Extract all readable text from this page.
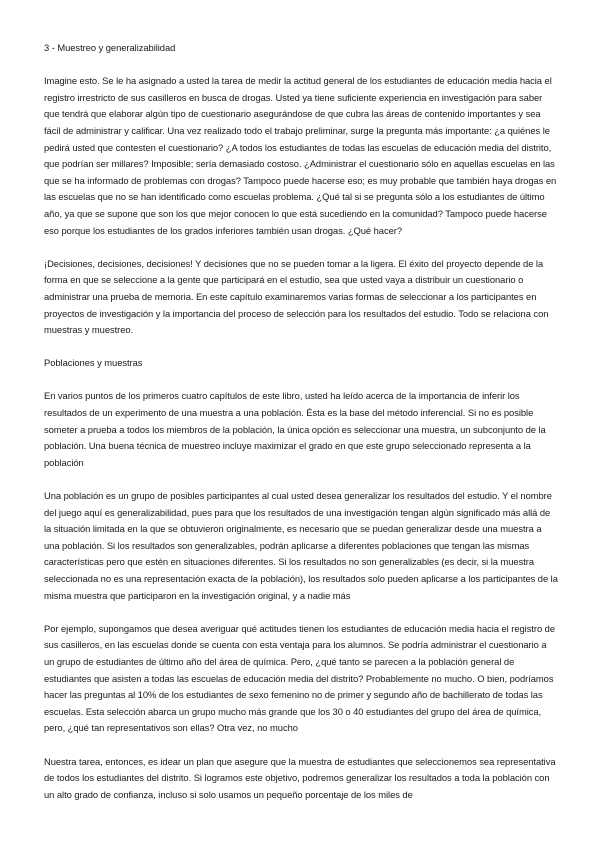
3 - Muestreo y generalizabilidad

Imagine esto. Se le ha asignado a usted la tarea de medir la actitud general de los estudiantes de educación media hacia el registro irrestricto de sus casilleros en busca de drogas. Usted ya tiene suficiente experiencia en investigación para saber que tendrá que elaborar algún tipo de cuestionario asegurándose de que cubra las áreas de contenido importantes y sea fácil de administrar y calificar. Una vez realizado todo el trabajo preliminar, surge la pregunta más importante: ¿a quiénes le pedirá usted que contesten el cuestionario? ¿A todos los estudiantes de todas las escuelas de educación media del distrito, que podrían ser millares? Imposible; sería demasiado costoso. ¿Administrar el cuestionario sólo en aquellas escuelas en las que se ha informado de problemas con drogas? Tampoco puede hacerse eso; es muy probable que también haya drogas en las escuelas que no se han identificado como escuelas problema. ¿Qué tal si se pregunta sólo a los estudiantes de último año, ya que se supone que son los que mejor conocen lo que está sucediendo en la comunidad? Tampoco puede hacerse eso porque los estudiantes de los grados inferiores también usan drogas. ¿Qué hacer?

¡Decisiones, decisiones, decisiones! Y decisiones que no se pueden tomar a la ligera. El éxito del proyecto depende de la forma en que se seleccione a la gente que participará en el estudio, sea que usted vaya a distribuir un cuestionario o administrar una prueba de memoria. En este capítulo examinaremos varias formas de seleccionar a los participantes en proyectos de investigación y la importancia del proceso de selección para los resultados del estudio. Todo se relaciona con muestras y muestreo.

Poblaciones y muestras

En varios puntos de los primeros cuatro capítulos de este libro, usted ha leído acerca de la importancia de inferir los resultados de un experimento de una muestra a una población. Ésta es la base del método inferencial. Si no es posible someter a prueba a todos los miembros de la población, la única opción es seleccionar una muestra, un subconjunto de la población. Una buena técnica de muestreo incluye maximizar el grado en que este grupo seleccionado representa a la población

Una población es un grupo de posibles participantes al cual usted desea generalizar los resultados del estudio. Y el nombre del juego aquí es generalizabilidad, pues para que los resultados de una investigación tengan algún significado más allá de la situación limitada en la que se obtuvieron originalmente, es necesario que se puedan generalizar desde una muestra a una población. Si los resultados son generalizables, podrán aplicarse a diferentes poblaciones que tengan las mismas características pero que estén en situaciones diferentes. Si los resultados no son generalizables (es decir, si la muestra seleccionada no es una representación exacta de la población), los resultados solo pueden aplicarse a los participantes de la misma muestra que participaron en la investigación original, y a nadie más

Por ejemplo, supongamos que desea averiguar qué actitudes tienen los estudiantes de educación media hacia el registro de sus casilleros, en las escuelas donde se cuenta con esta ventaja para los alumnos. Se podría administrar el cuestionario a un grupo de estudiantes de último año del área de química. Pero, ¿qué tanto se parecen a la población general de estudiantes que asisten a todas las escuelas de educación media del distrito? Probablemente no mucho. O bien, podríamos hacer las preguntas al 10% de los estudiantes de sexo femenino no de primer y segundo año de bachillerato de todas las escuelas. Esta selección abarca un grupo mucho más grande que los 30 o 40 estudiantes del grupo del área de química, pero, ¿qué tan representativos son ellas? Otra vez, no mucho

Nuestra tarea, entonces, es idear un plan que asegure que la muestra de estudiantes que seleccionemos sea representativa de todos los estudiantes del distrito. Si logramos este objetivo, podremos generalizar los resultados a toda la población con un alto grado de confianza, incluso si solo usamos un pequeño porcentaje de los miles de
